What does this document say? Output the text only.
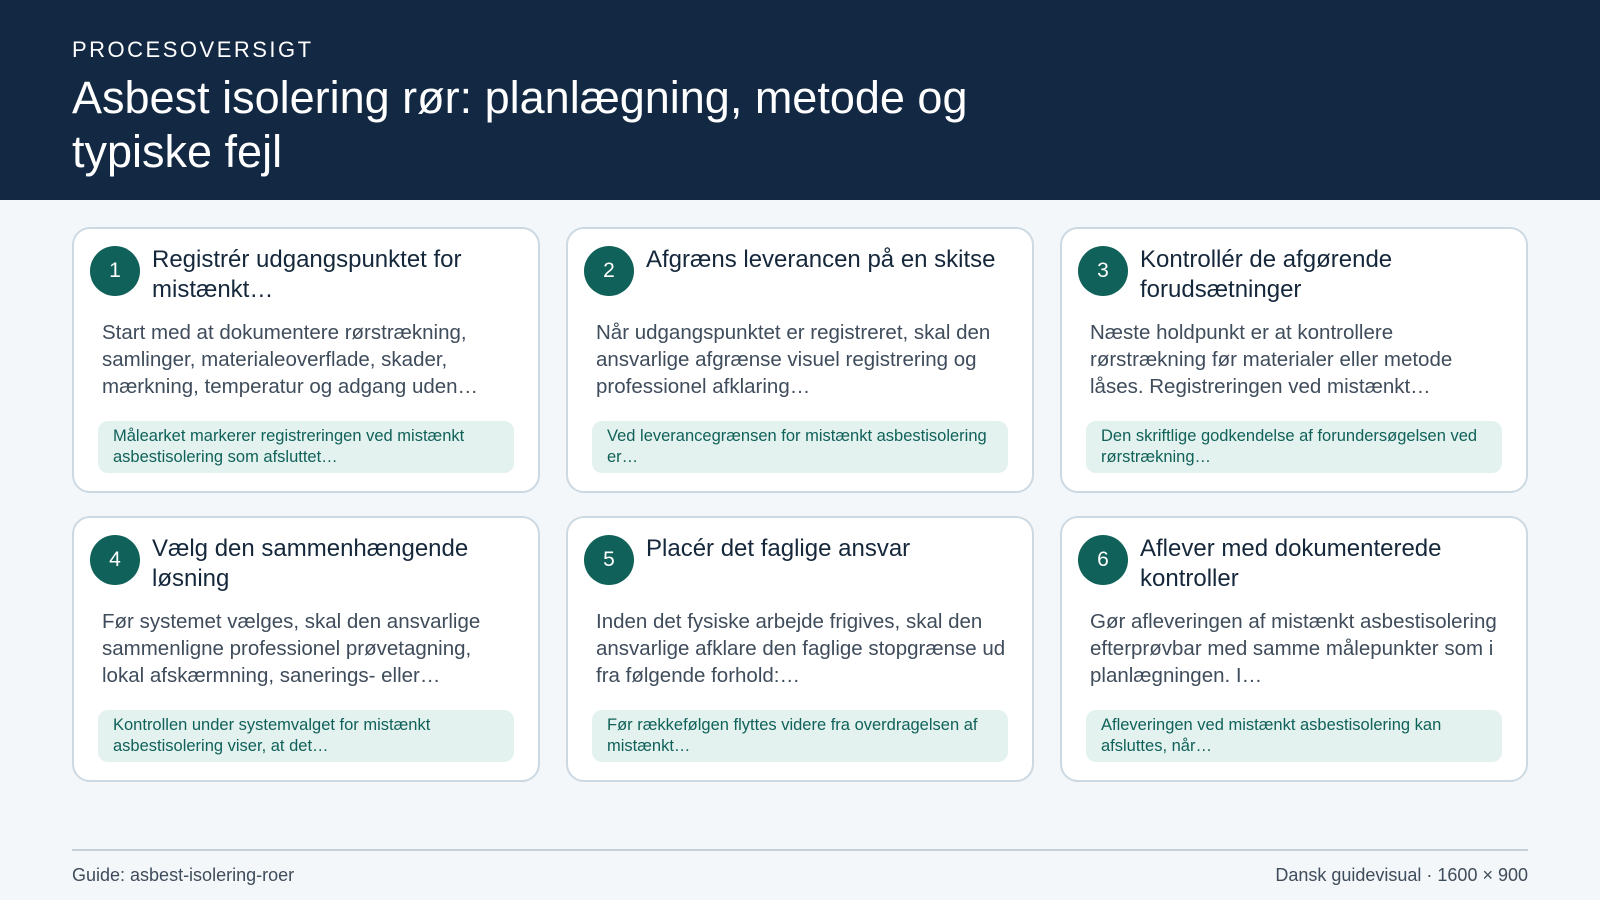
PROCESOVERSIGT

Asbest isolering rør: planlægning, metode og typiske fejl
1	Registrér udgangspunktet for mistænkt…

Start med at dokumentere rørstrækning, samlinger, materialeoverflade, skader, mærkning, temperatur og adgang uden…

Målearket markerer registreringen ved mistænkt asbestisolering som afsluttet…
2	Afgræns leverancen på en skitse

Når udgangspunktet er registreret, skal den ansvarlige afgrænse visuel registrering og professionel afklaring…

Ved leverancegrænsen for mistænkt asbestisolering er…
3	Kontrollér de afgørende forudsætninger

Næste holdpunkt er at kontrollere rørstrækning før materialer eller metode låses. Registreringen ved mistænkt…

Den skriftlige godkendelse af forundersøgelsen ved rørstrækning…
4	Vælg den sammenhængende løsning

Før systemet vælges, skal den ansvarlige sammenligne professionel prøvetagning, lokal afskærmning, sanerings- eller…

Kontrollen under systemvalget for mistænkt asbestisolering viser, at det…
5	Placér det faglige ansvar

Inden det fysiske arbejde frigives, skal den ansvarlige afklare den faglige stopgrænse ud fra følgende forhold:…

Før rækkefølgen flyttes videre fra overdragelsen af mistænkt…
6	Aflever med dokumenterede kontroller

Gør afleveringen af mistænkt asbestisolering efterprøvbar med samme målepunkter som i planlægningen. I…

Afleveringen ved mistænkt asbestisolering kan afsluttes, når…
Guide: asbest-isolering-roer	Dansk guidevisual · 1600 × 900
